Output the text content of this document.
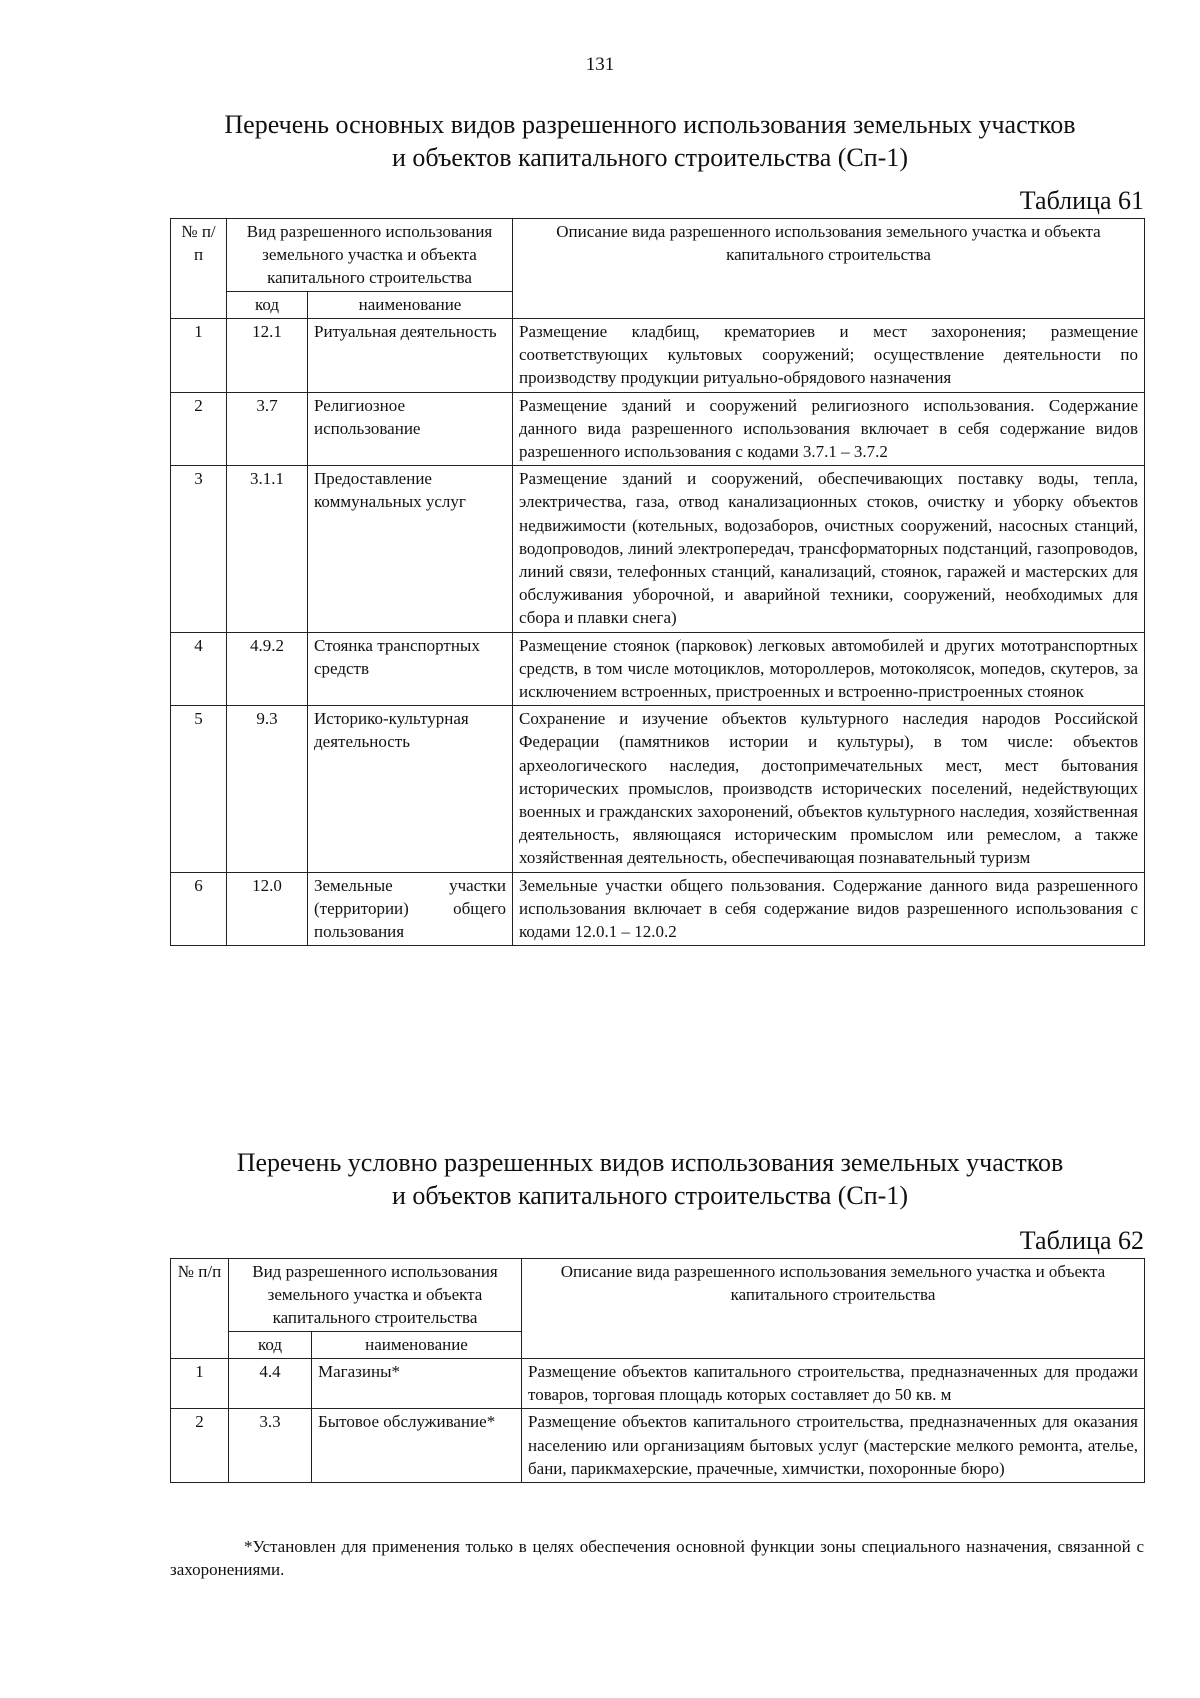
131
Перечень основных видов разрешенного использования земельных участков
и объектов капитального строительства (Сп-1)
Таблица 61
№ п/п	Вид разрешенного использования земельного участка и объекта капитального строительства		Описание вида разрешенного использования земельного участка и объекта капитального строительства
	код	наименование	
1	12.1	Ритуальная деятельность	Размещение кладбищ, крематориев и мест захоронения; размещение соответствующих культовых сооружений; осуществление деятельности по производству продукции ритуально-обрядового назначения
2	3.7	Религиозное использование	Размещение зданий и сооружений религиозного использования. Содержание данного вида разрешенного использования включает в себя содержание видов разрешенного использования с кодами 3.7.1 – 3.7.2
3	3.1.1	Предоставление коммунальных услуг	Размещение зданий и сооружений, обеспечивающих поставку воды, тепла, электричества, газа, отвод канализационных стоков, очистку и уборку объектов недвижимости (котельных, водозаборов, очистных сооружений, насосных станций, водопроводов, линий электропередач, трансформаторных подстанций, газопроводов, линий связи, телефонных станций, канализаций, стоянок, гаражей и мастерских для обслуживания уборочной, и аварийной техники, сооружений, необходимых для сбора и плавки снега)
4	4.9.2	Стоянка транспортных средств	Размещение стоянок (парковок) легковых автомобилей и других мототранспортных средств, в том числе мотоциклов, мотороллеров, мотоколясок, мопедов, скутеров, за исключением встроенных, пристроенных и встроенно-пристроенных стоянок
5	9.3	Историко-культурная деятельность	Сохранение и изучение объектов культурного наследия народов Российской Федерации (памятников истории и культуры), в том числе: объектов археологического наследия, достопримечательных мест, мест бытования исторических промыслов, производств исторических поселений, недействующих военных и гражданских захоронений, объектов культурного наследия, хозяйственная деятельность, являющаяся историческим промыслом или ремеслом, а также хозяйственная деятельность, обеспечивающая познавательный туризм
6	12.0	Земельные участки (территории) общего пользования	Земельные участки общего пользования. Содержание данного вида разрешенного использования включает в себя содержание видов разрешенного использования с кодами 12.0.1 – 12.0.2
Перечень условно разрешенных видов использования земельных участков
и объектов капитального строительства (Сп-1)
Таблица 62
№ п/п	Вид разрешенного использования земельного участка и объекта капитального строительства		Описание вида разрешенного использования земельного участка и объекта капитального строительства
	код	наименование	
1	4.4	Магазины*	Размещение объектов капитального строительства, предназначенных для продажи товаров, торговая площадь которых составляет до 50 кв. м
2	3.3	Бытовое обслуживание*	Размещение объектов капитального строительства, предназначенных для оказания населению или организациям бытовых услуг (мастерские мелкого ремонта, ателье, бани, парикмахерские, прачечные, химчистки, похоронные бюро)
*Установлен для применения только в целях обеспечения основной функции зоны специального назначения, связанной с захоронениями.
